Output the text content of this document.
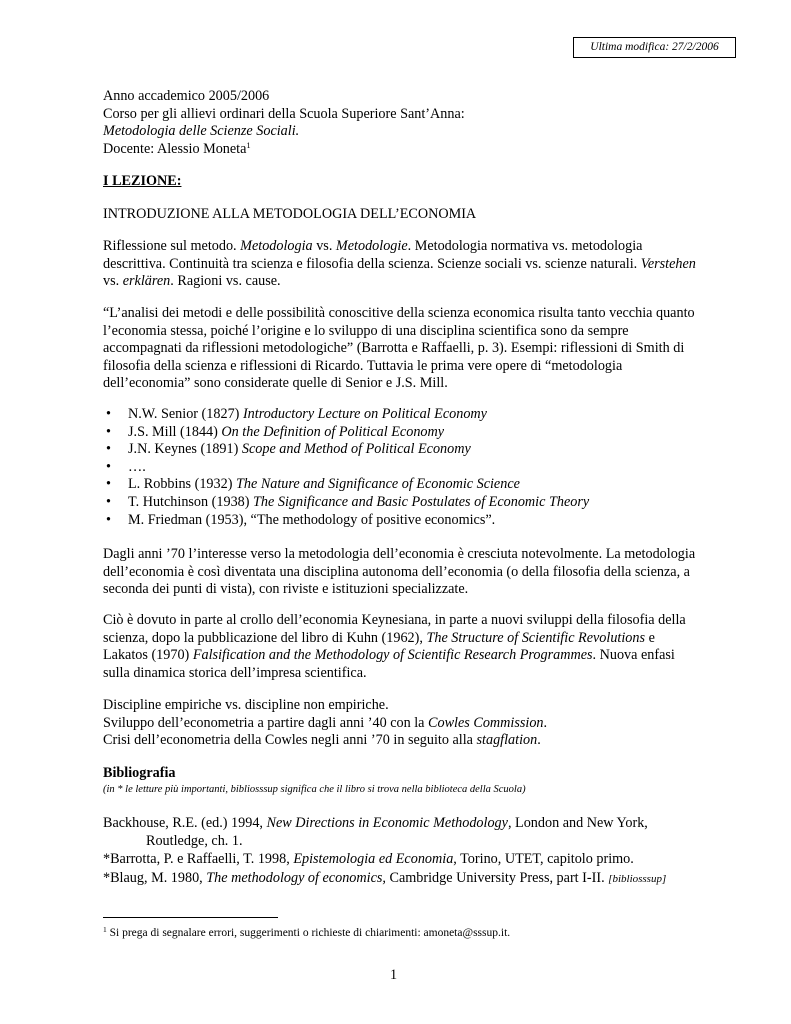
Ultima modifica: 27/2/2006

Anno accademico 2005/2006

Corso per gli allievi ordinari della Scuola Superiore Sant’Anna:

Metodologia delle Scienze Sociali.

Docente: Alessio Moneta$^1$

I LEZIONE:

INTRODUZIONE ALLA METODOLOGIA DELL’ECONOMIA

Riflessione sul metodo. Metodologia vs. Metodologie. Metodologia normativa vs. metodologia descrittiva. Continuità tra scienza e filosofia della scienza. Scienze sociali vs. scienze naturali. Verstehen vs. erklären. Ragioni vs. cause.

“L’analisi dei metodi e delle possibilità conoscitive della scienza economica risulta tanto vecchia quanto l’economia stessa, poiché l’origine e lo sviluppo di una disciplina scientifica sono da sempre accompagnati da riflessioni metodologiche” (Barrotta e Raffaelli, p. 3). Esempi: riflessioni di Smith di filosofia della scienza e riflessioni di Ricardo. Tuttavia le prima vere opere di “metodologia dell’economia” sono considerate quelle di Senior e J.S. Mill.

• N.W. Senior (1827) Introductory Lecture on Political Economy
• J.S. Mill (1844) On the Definition of Political Economy
• J.N. Keynes (1891) Scope and Method of Political Economy
• ….
• L. Robbins (1932) The Nature and Significance of Economic Science
• T. Hutchinson (1938) The Significance and Basic Postulates of Economic Theory
• M. Friedman (1953), “The methodology of positive economics”.

Dagli anni ’70 l’interesse verso la metodologia dell’economia è cresciuta notevolmente. La metodologia dell’economia è così diventata una disciplina autonoma dell’economia (o della filosofia della scienza, a seconda dei punti di vista), con riviste e istituzioni specializzate.

Ciò è dovuto in parte al crollo dell’economia Keynesiana, in parte a nuovi sviluppi della filosofia della scienza, dopo la pubblicazione del libro di Kuhn (1962), The Structure of Scientific Revolutions e Lakatos (1970) Falsification and the Methodology of Scientific Research Programmes. Nuova enfasi sulla dinamica storica dell’impresa scientifica.

Discipline empiriche vs. discipline non empiriche.

Sviluppo dell’econometria a partire dagli anni ’40 con la Cowles Commission.

Crisi dell’econometria della Cowles negli anni ’70 in seguito alla stagflation.

Bibliografia

(in * le letture più importanti, bibliosssup significa che il libro si trova nella biblioteca della Scuola)

Backhouse, R.E. (ed.) 1994, New Directions in Economic Methodology, London and New York, Routledge, ch. 1.

*Barrotta, P. e Raffaelli, T. 1998, Epistemologia ed Economia, Torino, UTET, capitolo primo.

*Blaug, M. 1980, The methodology of economics, Cambridge University Press, part I-II. [bibliosssup]

$^1$ Si prega di segnalare errori, suggerimenti o richieste di chiarimenti: amoneta@sssup.it.
1
